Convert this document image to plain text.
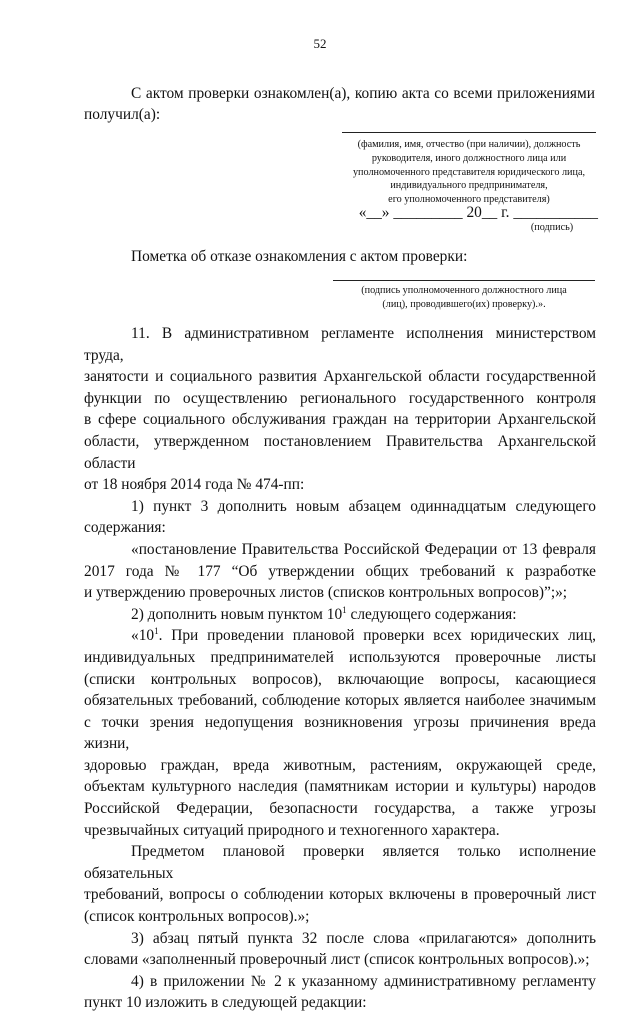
52

С актом проверки ознакомлен(а), копию акта со всеми приложениями

получил(а):

(фамилия, имя, отчество (при наличии), должность
руководителя, иного должностного лица или
уполномоченного представителя юридического лица,
индивидуального предпринимателя,
его уполномоченного представителя)

«__» _________ 20__ г. ___________

(подпись)

Пометка об отказе ознакомления с актом проверки:

(подпись уполномоченного должностного лица
(лиц), проводившего(их) проверку).».
11. В административном регламенте исполнения министерством труда,
занятости и социального развития Архангельской области государственной
функции по осуществлению регионального государственного контроля
в сфере социального обслуживания граждан на территории Архангельской
области, утвержденном постановлением Правительства Архангельской области
от 18 ноября 2014 года № 474-пп:
1) пункт 3 дополнить новым абзацем одиннадцатым следующего
содержания:
«постановление Правительства Российской Федерации от 13 февраля
2017 года № 177 “Об утверждении общих требований к разработке
и утверждению проверочных листов (списков контрольных вопросов)”;»;
2) дополнить новым пунктом $10^1$ следующего содержания:
«$10^1$. При проведении плановой проверки всех юридических лиц,
индивидуальных предпринимателей используются проверочные листы
(списки контрольных вопросов), включающие вопросы, касающиеся
обязательных требований, соблюдение которых является наиболее значимым
с точки зрения недопущения возникновения угрозы причинения вреда жизни,
здоровью граждан, вреда животным, растениям, окружающей среде,
объектам культурного наследия (памятникам истории и культуры) народов
Российской Федерации, безопасности государства, а также угрозы
чрезвычайных ситуаций природного и техногенного характера.
Предметом плановой проверки является только исполнение обязательных
требований, вопросы о соблюдении которых включены в проверочный лист
(список контрольных вопросов).»;
3) абзац пятый пункта 32 после слова «прилагаются» дополнить
словами «заполненный проверочный лист (список контрольных вопросов).»;
4) в приложении № 2 к указанному административному регламенту
пункт 10 изложить в следующей редакции:
